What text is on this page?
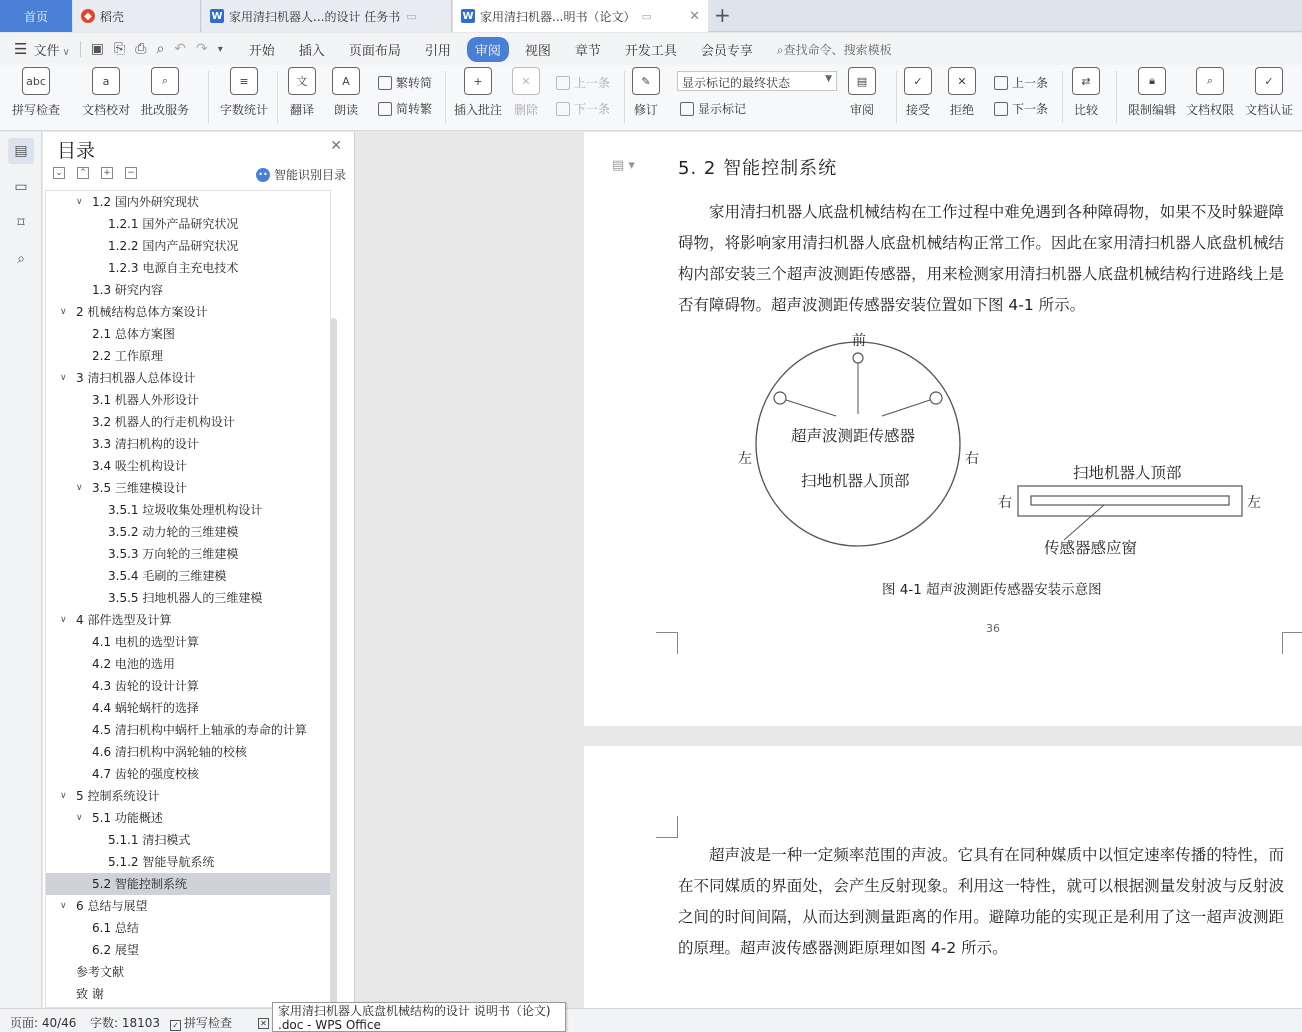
首页	◆ 稻壳	W 家用清扫机器人...的设计 任务书 ▭	W 家用清扫机器...明书（论文） ▭	✕ +
☰ 文件 ∨ ▣ ⎘ ⎙ ⌕ ↶ ↷ ▾	开始	插入	页面布局	引用	审阅	视图	章节	开发工具	会员专享	⌕查找命令、搜索模板
abc
拼写检查
a
文档校对
⌕
批改服务
≡
字数统计
文
翻译
A
朗读
繁转简
简转繁
+
插入批注
✕
删除
上一条
下一条
✎
修订
显示标记的最终状态	▼
显示标记
▤
审阅
✓
接受
✕
拒绝
上一条
下一条
⇄
比较
🔒︎
限制编辑
⌕
文档权限
✓
文档认证
▤
▭
⌑
⌕
目录	✕
⌄ ⌃ + −	•• 智能识别目录
∨ 1.2 国内外研究现状
1.2.1 国外产品研究状况
1.2.2 国内产品研究状况
1.2.3 电源自主充电技术
1.3 研究内容
∨ 2 机械结构总体方案设计
2.1 总体方案图
2.2 工作原理
∨ 3 清扫机器人总体设计
3.1 机器人外形设计
3.2 机器人的行走机构设计
3.3 清扫机构的设计
3.4 吸尘机构设计
∨ 3.5 三维建模设计
3.5.1 垃圾收集处理机构设计
3.5.2 动力轮的三维建模
3.5.3 万向轮的三维建模
3.5.4 毛刷的三维建模
3.5.5 扫地机器人的三维建模
∨ 4 部件选型及计算
4.1 电机的选型计算
4.2 电池的选用
4.3 齿轮的设计计算
4.4 蜗轮蜗杆的选择
4.5 清扫机构中蜗杆上轴承的寿命的计算
4.6 清扫机构中涡轮轴的校核
4.7 齿轮的强度校核
∨ 5 控制系统设计
∨ 5.1 功能概述
5.1.1 清扫模式
5.1.2 智能导航系统
5.2 智能控制系统
∨ 6 总结与展望
6.1 总结
6.2 展望
参考文献
致 谢
▤ ▾ 5. 2 智能控制系统
家用清扫机器人底盘机械结构在工作过程中难免遇到各种障碍物，如果不及时躲避障碍物，将影响家用清扫机器人底盘机械结构正常工作。因此在家用清扫机器人底盘机械结构内部安装三个超声波测距传感器，用来检测家用清扫机器人底盘机械结构行进路线上是否有障碍物。超声波测距传感器安装位置如下图 4-1 所示。
前
左	右
超声波测距传感器
扫地机器人顶部	扫地机器人顶部
右	左
传感器感应窗
图 4-1 超声波测距传感器安装示意图
36
超声波是一种一定频率范围的声波。它具有在同种媒质中以恒定速率传播的特性，而在不同媒质的界面处，会产生反射现象。利用这一特性，就可以根据测量发射波与反射波之间的时间间隔，从而达到测量距离的作用。避障功能的实现正是利用了这一超声波测距的原理。超声波传感器测距原理如图 4-2 所示。
页面: 40/46 字数: 18103 ✓ 拼写检查	✕
家用清扫机器人底盘机械结构的设计 说明书（论文)
.doc - WPS Office
